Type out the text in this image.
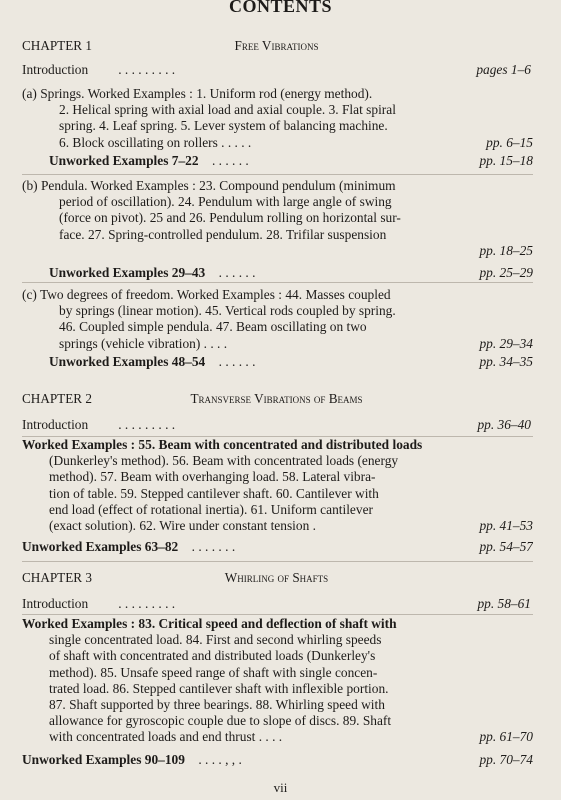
CONTENTS
CHAPTER 1	Free Vibrations
Introduction	. . . . . . . . .	pages 1–6
(a) Springs. Worked Examples : 1. Uniform rod (energy method).
2. Helical spring with axial load and axial couple. 3. Flat spiral
spring. 4. Leaf spring. 5. Lever system of balancing machine.
6. Block oscillating on rollers . . . . .	pp. 6–15
Unworked Examples 7–22 . . . . . .	pp. 15–18
(b) Pendula. Worked Examples : 23. Compound pendulum (minimum
period of oscillation). 24. Pendulum with large angle of swing
(force on pivot). 25 and 26. Pendulum rolling on horizontal sur-
face. 27. Spring-controlled pendulum. 28. Trifilar suspension
pp. 18–25

Unworked Examples 29–43 . . . . . .	pp. 25–29
(c) Two degrees of freedom. Worked Examples : 44. Masses coupled
by springs (linear motion). 45. Vertical rods coupled by spring.
46. Coupled simple pendula. 47. Beam oscillating on two
springs (vehicle vibration) . . . .	pp. 29–34
Unworked Examples 48–54 . . . . . .	pp. 34–35
CHAPTER 2	Transverse Vibrations of Beams
Introduction	. . . . . . . . .	pp. 36–40
Worked Examples : 55. Beam with concentrated and distributed loads
(Dunkerley's method). 56. Beam with concentrated loads (energy
method). 57. Beam with overhanging load. 58. Lateral vibra-
tion of table. 59. Stepped cantilever shaft. 60. Cantilever with
end load (effect of rotational inertia). 61. Uniform cantilever
(exact solution). 62. Wire under constant tension .	pp. 41–53
Unworked Examples 63–82 . . . . . . .	pp. 54–57
CHAPTER 3	Whirling of Shafts
Introduction	. . . . . . . . .	pp. 58–61
Worked Examples : 83. Critical speed and deflection of shaft with
single concentrated load. 84. First and second whirling speeds
of shaft with concentrated and distributed loads (Dunkerley's
method). 85. Unsafe speed range of shaft with single concen-
trated load. 86. Stepped cantilever shaft with inflexible portion.
87. Shaft supported by three bearings. 88. Whirling speed with
allowance for gyroscopic couple due to slope of discs. 89. Shaft
with concentrated loads and end thrust . . . .	pp. 61–70
Unworked Examples 90–109 . . . . , , .	pp. 70–74
vii
